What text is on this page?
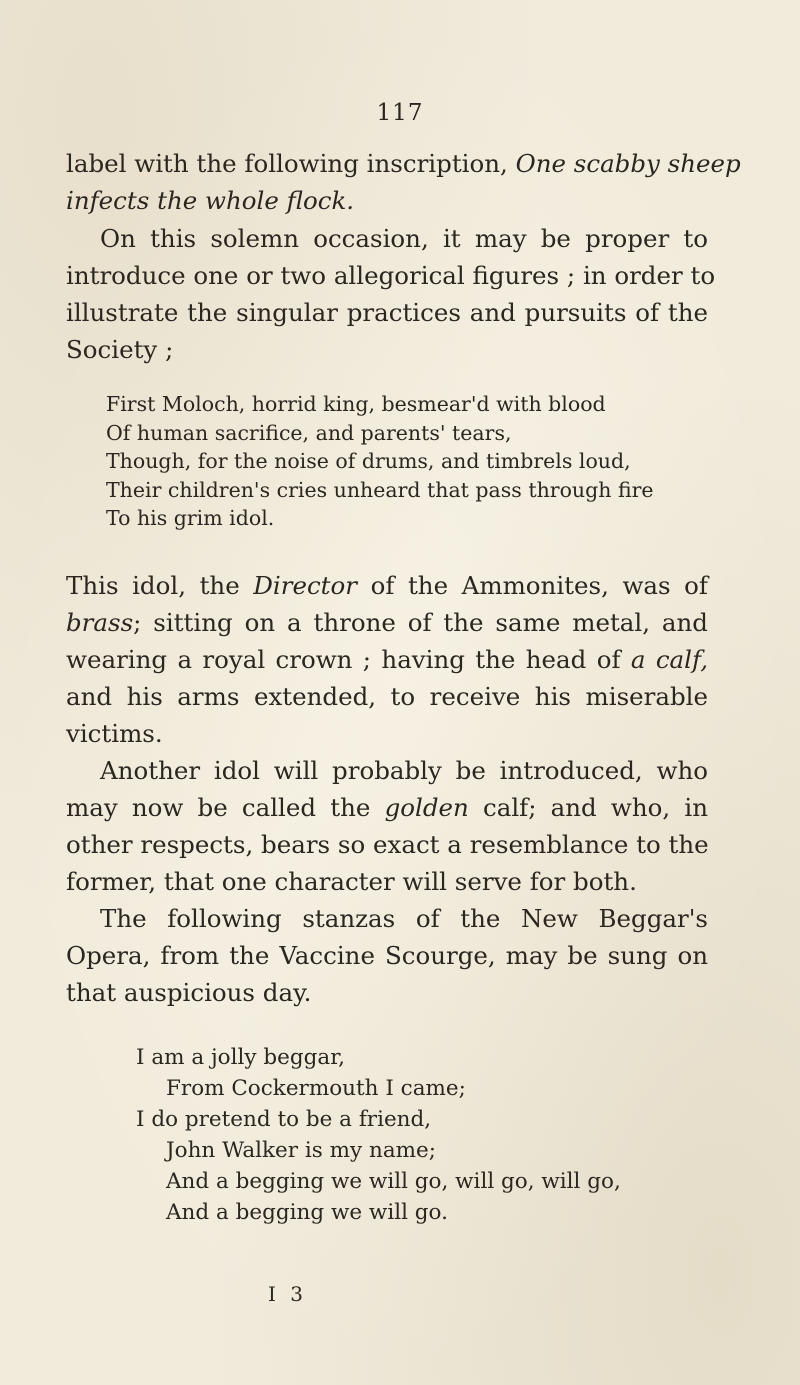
117
label with the following inscription, One scabby sheep
infects the whole flock.
On this solemn occasion, it may be proper to
introduce one or two allegorical figures ; in order to
illustrate the singular practices and pursuits of the
Society ;
First Moloch, horrid king, besmear'd with blood
Of human sacrifice, and parents' tears,
Though, for the noise of drums, and timbrels loud,
Their children's cries unheard that pass through fire
To his grim idol.
This idol, the Director of the Ammonites, was of
brass; sitting on a throne of the same metal, and
wearing a royal crown ; having the head of a calf,
and his arms extended, to receive his miserable
victims.
Another idol will probably be introduced, who
may now be called the golden calf; and who, in
other respects, bears so exact a resemblance to the
former, that one character will serve for both.
The following stanzas of the New Beggar's
Opera, from the Vaccine Scourge, may be sung on
that auspicious day.
I am a jolly beggar,
From Cockermouth I came;
I do pretend to be a friend,
John Walker is my name;
And a begging we will go, will go, will go,
And a begging we will go.
I 3
